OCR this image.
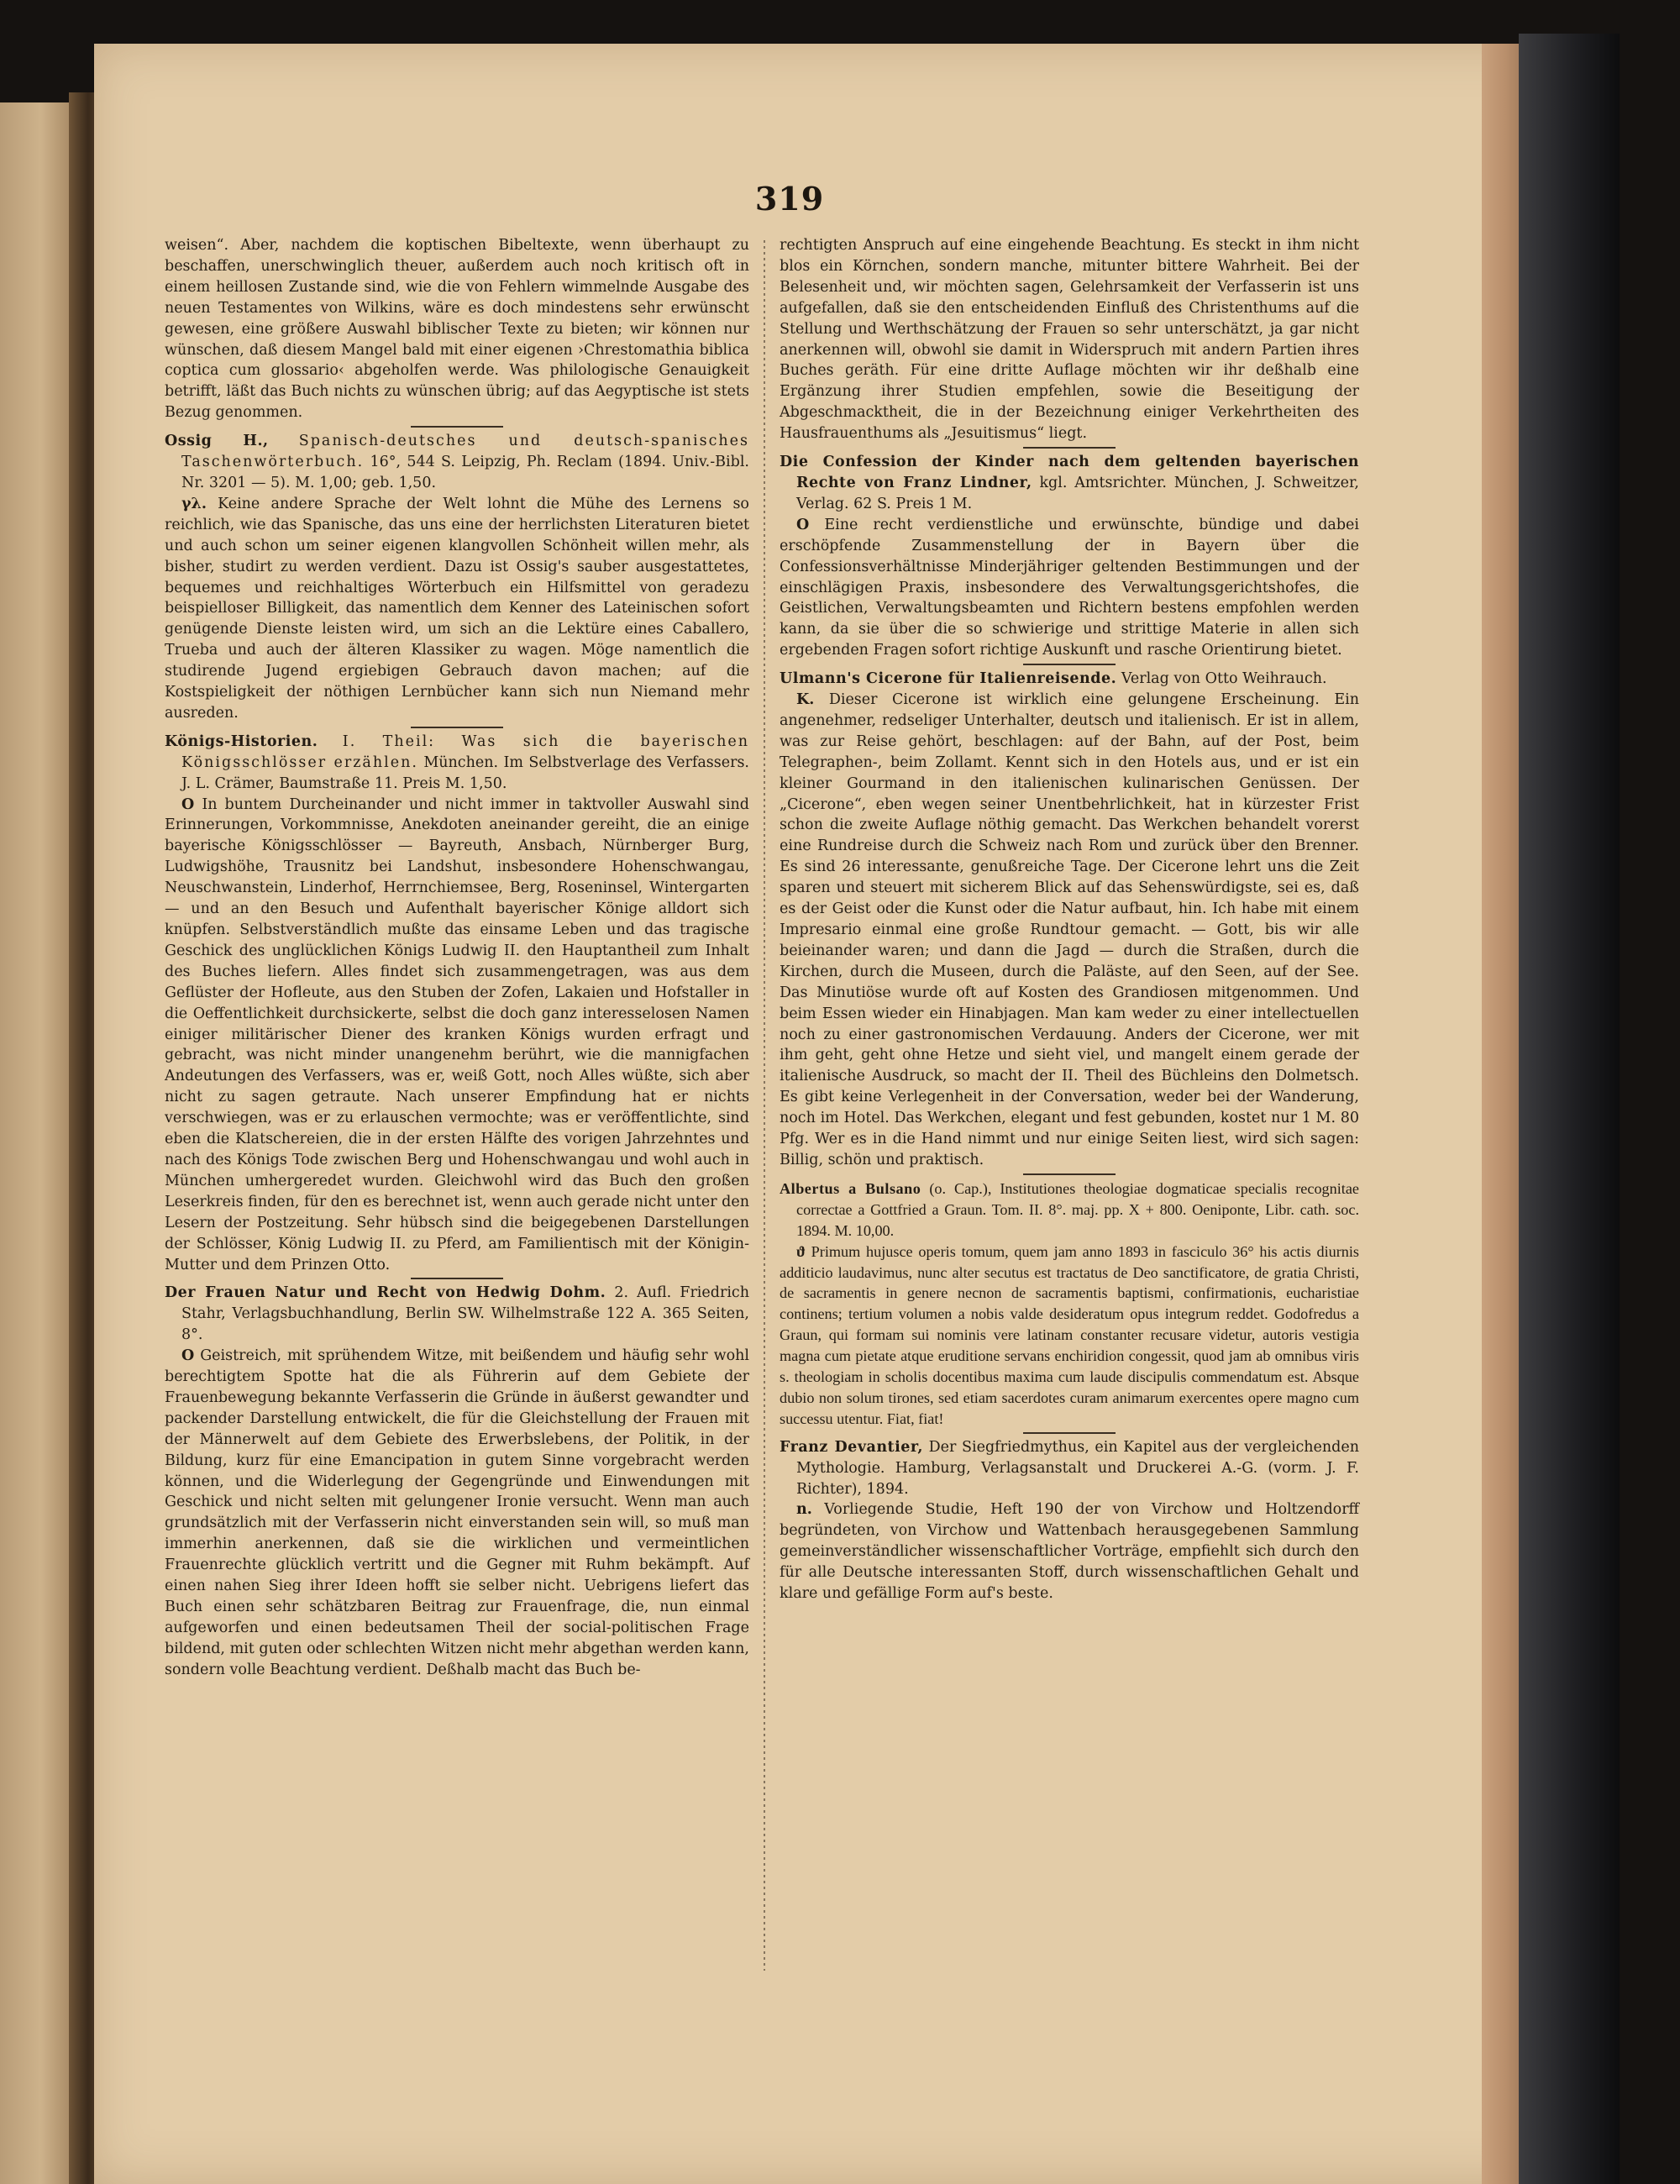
319

weisen“. Aber, nachdem die koptischen Bibeltexte, wenn überhaupt zu beschaffen, unerschwinglich theuer, außerdem auch noch kritisch oft in einem heillosen Zustande sind, wie die von Fehlern wimmelnde Ausgabe des neuen Testamentes von Wilkins, wäre es doch mindestens sehr erwünscht gewesen, eine größere Auswahl biblischer Texte zu bieten; wir können nur wünschen, daß diesem Mangel bald mit einer eigenen ›Chrestomathia biblica coptica cum glossario‹ abgeholfen werde. Was philologische Genauigkeit betrifft, läßt das Buch nichts zu wünschen übrig; auf das Aegyptische ist stets Bezug genommen.

Ossig H., Spanisch-deutsches und deutsch-spanisches Taschenwörterbuch. 16°, 544 S. Leipzig, Ph. Reclam (1894. Univ.-Bibl. Nr. 3201 — 5). M. 1,00; geb. 1,50.

γλ. Keine andere Sprache der Welt lohnt die Mühe des Lernens so reichlich, wie das Spanische, das uns eine der herrlichsten Literaturen bietet und auch schon um seiner eigenen klangvollen Schönheit willen mehr, als bisher, studirt zu werden verdient. Dazu ist Ossig's sauber ausgestattetes, bequemes und reichhaltiges Wörterbuch ein Hilfsmittel von geradezu beispielloser Billigkeit, das namentlich dem Kenner des Lateinischen sofort genügende Dienste leisten wird, um sich an die Lektüre eines Caballero, Trueba und auch der älteren Klassiker zu wagen. Möge namentlich die studirende Jugend ergiebigen Gebrauch davon machen; auf die Kostspieligkeit der nöthigen Lernbücher kann sich nun Niemand mehr ausreden.

Königs-Historien. I. Theil: Was sich die bayerischen Königsschlösser erzählen. München. Im Selbstverlage des Verfassers. J. L. Crämer, Baumstraße 11. Preis M. 1,50.

O In buntem Durcheinander und nicht immer in taktvoller Auswahl sind Erinnerungen, Vorkommnisse, Anekdoten aneinander gereiht, die an einige bayerische Königsschlösser — Bayreuth, Ansbach, Nürnberger Burg, Ludwigshöhe, Trausnitz bei Landshut, insbesondere Hohenschwangau, Neuschwanstein, Linderhof, Herrnchiemsee, Berg, Roseninsel, Wintergarten — und an den Besuch und Aufenthalt bayerischer Könige alldort sich knüpfen. Selbstverständlich mußte das einsame Leben und das tragische Geschick des unglücklichen Königs Ludwig II. den Hauptantheil zum Inhalt des Buches liefern. Alles findet sich zusammengetragen, was aus dem Geflüster der Hofleute, aus den Stuben der Zofen, Lakaien und Hofstaller in die Oeffentlichkeit durchsickerte, selbst die doch ganz interesselosen Namen einiger militärischer Diener des kranken Königs wurden erfragt und gebracht, was nicht minder unangenehm berührt, wie die mannigfachen Andeutungen des Verfassers, was er, weiß Gott, noch Alles wüßte, sich aber nicht zu sagen getraute. Nach unserer Empfindung hat er nichts verschwiegen, was er zu erlauschen vermochte; was er veröffentlichte, sind eben die Klatschereien, die in der ersten Hälfte des vorigen Jahrzehntes und nach des Königs Tode zwischen Berg und Hohenschwangau und wohl auch in München umhergeredet wurden. Gleichwohl wird das Buch den großen Leserkreis finden, für den es berechnet ist, wenn auch gerade nicht unter den Lesern der Postzeitung. Sehr hübsch sind die beigegebenen Darstellungen der Schlösser, König Ludwig II. zu Pferd, am Familientisch mit der Königin-Mutter und dem Prinzen Otto.

Der Frauen Natur und Recht von Hedwig Dohm. 2. Aufl. Friedrich Stahr, Verlagsbuchhandlung, Berlin SW. Wilhelmstraße 122 A. 365 Seiten, 8°.

O Geistreich, mit sprühendem Witze, mit beißendem und häufig sehr wohl berechtigtem Spotte hat die als Führerin auf dem Gebiete der Frauenbewegung bekannte Verfasserin die Gründe in äußerst gewandter und packender Darstellung entwickelt, die für die Gleichstellung der Frauen mit der Männerwelt auf dem Gebiete des Erwerbslebens, der Politik, in der Bildung, kurz für eine Emancipation in gutem Sinne vorgebracht werden können, und die Widerlegung der Gegengründe und Einwendungen mit Geschick und nicht selten mit gelungener Ironie versucht. Wenn man auch grundsätzlich mit der Verfasserin nicht einverstanden sein will, so muß man immerhin anerkennen, daß sie die wirklichen und vermeintlichen Frauenrechte glücklich vertritt und die Gegner mit Ruhm bekämpft. Auf einen nahen Sieg ihrer Ideen hofft sie selber nicht. Uebrigens liefert das Buch einen sehr schätzbaren Beitrag zur Frauenfrage, die, nun einmal aufgeworfen und einen bedeutsamen Theil der social-politischen Frage bildend, mit guten oder schlechten Witzen nicht mehr abgethan werden kann, sondern volle Beachtung verdient. Deßhalb macht das Buch be-

rechtigten Anspruch auf eine eingehende Beachtung. Es steckt in ihm nicht blos ein Körnchen, sondern manche, mitunter bittere Wahrheit. Bei der Belesenheit und, wir möchten sagen, Gelehrsamkeit der Verfasserin ist uns aufgefallen, daß sie den entscheidenden Einfluß des Christenthums auf die Stellung und Werthschätzung der Frauen so sehr unterschätzt, ja gar nicht anerkennen will, obwohl sie damit in Widerspruch mit andern Partien ihres Buches geräth. Für eine dritte Auflage möchten wir ihr deßhalb eine Ergänzung ihrer Studien empfehlen, sowie die Beseitigung der Abgeschmacktheit, die in der Bezeichnung einiger Verkehrtheiten des Hausfrauenthums als „Jesuitismus“ liegt.

Die Confession der Kinder nach dem geltenden bayerischen Rechte von Franz Lindner, kgl. Amtsrichter. München, J. Schweitzer, Verlag. 62 S. Preis 1 M.

O Eine recht verdienstliche und erwünschte, bündige und dabei erschöpfende Zusammenstellung der in Bayern über die Confessionsverhältnisse Minderjähriger geltenden Bestimmungen und der einschlägigen Praxis, insbesondere des Verwaltungsgerichtshofes, die Geistlichen, Verwaltungsbeamten und Richtern bestens empfohlen werden kann, da sie über die so schwierige und strittige Materie in allen sich ergebenden Fragen sofort richtige Auskunft und rasche Orientirung bietet.

Ulmann's Cicerone für Italienreisende. Verlag von Otto Weihrauch.

K. Dieser Cicerone ist wirklich eine gelungene Erscheinung. Ein angenehmer, redseliger Unterhalter, deutsch und italienisch. Er ist in allem, was zur Reise gehört, beschlagen: auf der Bahn, auf der Post, beim Telegraphen-, beim Zollamt. Kennt sich in den Hotels aus, und er ist ein kleiner Gourmand in den italienischen kulinarischen Genüssen. Der „Cicerone“, eben wegen seiner Unentbehrlichkeit, hat in kürzester Frist schon die zweite Auflage nöthig gemacht. Das Werkchen behandelt vorerst eine Rundreise durch die Schweiz nach Rom und zurück über den Brenner. Es sind 26 interessante, genußreiche Tage. Der Cicerone lehrt uns die Zeit sparen und steuert mit sicherem Blick auf das Sehenswürdigste, sei es, daß es der Geist oder die Kunst oder die Natur aufbaut, hin. Ich habe mit einem Impresario einmal eine große Rundtour gemacht. — Gott, bis wir alle beieinander waren; und dann die Jagd — durch die Straßen, durch die Kirchen, durch die Museen, durch die Paläste, auf den Seen, auf der See. Das Minutiöse wurde oft auf Kosten des Grandiosen mitgenommen. Und beim Essen wieder ein Hinabjagen. Man kam weder zu einer intellectuellen noch zu einer gastronomischen Verdauung. Anders der Cicerone, wer mit ihm geht, geht ohne Hetze und sieht viel, und mangelt einem gerade der italienische Ausdruck, so macht der II. Theil des Büchleins den Dolmetsch. Es gibt keine Verlegenheit in der Conversation, weder bei der Wanderung, noch im Hotel. Das Werkchen, elegant und fest gebunden, kostet nur 1 M. 80 Pfg. Wer es in die Hand nimmt und nur einige Seiten liest, wird sich sagen: Billig, schön und praktisch.

Albertus a Bulsano (o. Cap.), Institutiones theologiae dogmaticae specialis recognitae correctae a Gottfried a Graun. Tom. II. 8°. maj. pp. X + 800. Oeniponte, Libr. cath. soc. 1894. M. 10,00.

ϑ Primum hujusce operis tomum, quem jam anno 1893 in fasciculo 36° his actis diurnis additicio laudavimus, nunc alter secutus est tractatus de Deo sanctificatore, de gratia Christi, de sacramentis in genere necnon de sacramentis baptismi, confirmationis, eucharistiae continens; tertium volumen a nobis valde desideratum opus integrum reddet. Godofredus a Graun, qui formam sui nominis vere latinam constanter recusare videtur, autoris vestigia magna cum pietate atque eruditione servans enchiridion congessit, quod jam ab omnibus viris s. theologiam in scholis docentibus maxima cum laude discipulis commendatum est. Absque dubio non solum tirones, sed etiam sacerdotes curam animarum exercentes opere magno cum successu utentur. Fiat, fiat!

Franz Devantier, Der Siegfriedmythus, ein Kapitel aus der vergleichenden Mythologie. Hamburg, Verlagsanstalt und Druckerei A.-G. (vorm. J. F. Richter), 1894.

n. Vorliegende Studie, Heft 190 der von Virchow und Holtzendorff begründeten, von Virchow und Wattenbach herausgegebenen Sammlung gemeinverständlicher wissenschaftlicher Vorträge, empfiehlt sich durch den für alle Deutsche interessanten Stoff, durch wissenschaftlichen Gehalt und klare und gefällige Form auf's beste.
